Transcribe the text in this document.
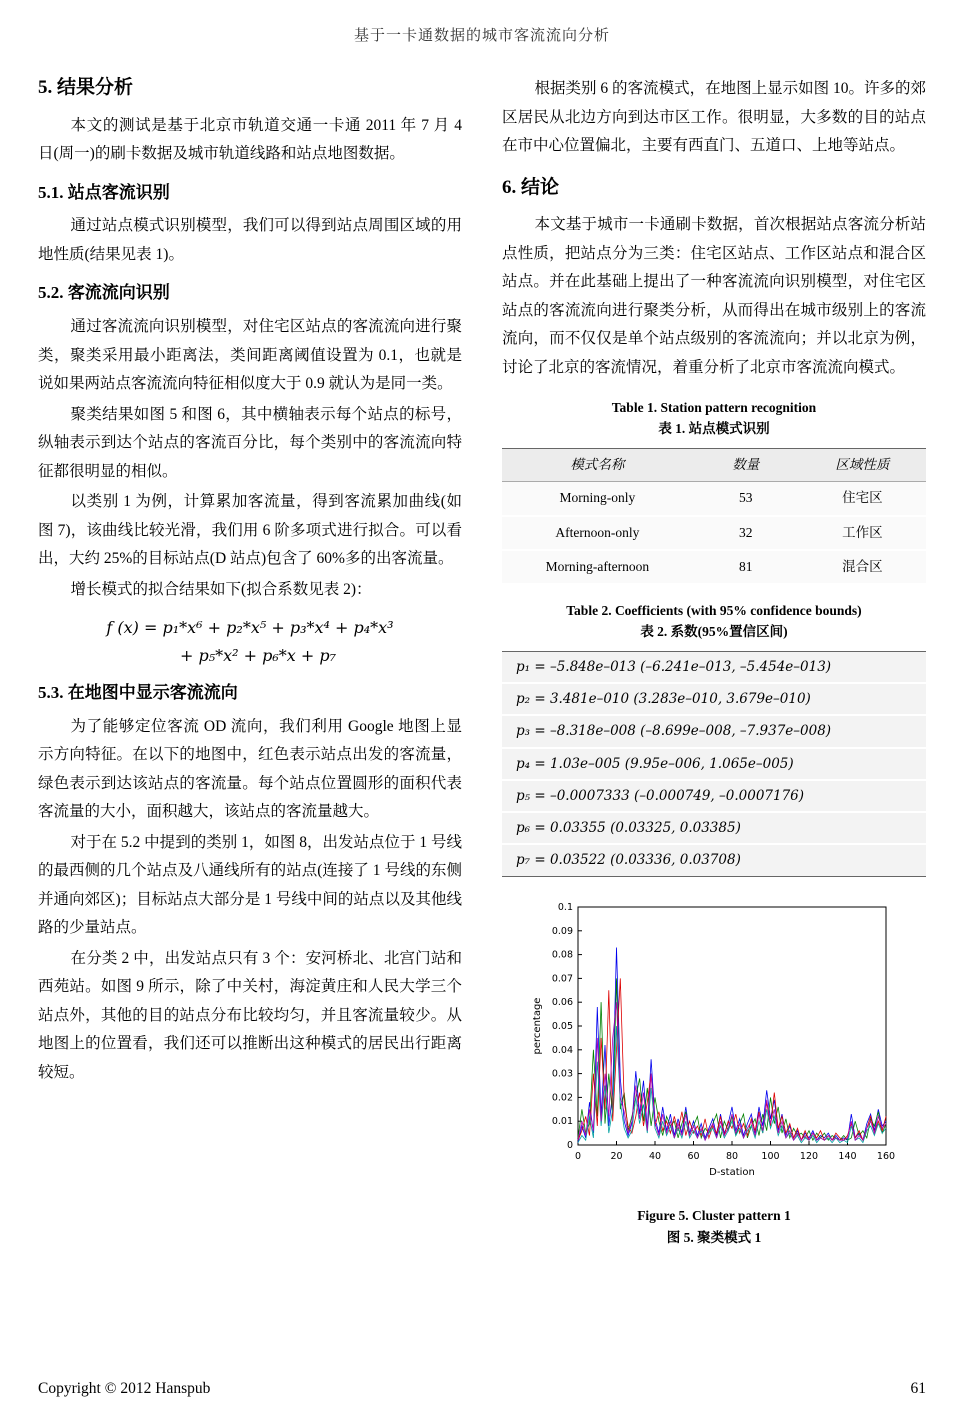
基于一卡通数据的城市客流流向分析
5. 结果分析

本文的测试是基于北京市轨道交通一卡通 2011 年 7 月 4 日(周一)的刷卡数据及城市轨道线路和站点地图数据。

5.1. 站点客流识别

通过站点模式识别模型，我们可以得到站点周围区域的用地性质(结果见表 1)。

5.2. 客流流向识别

通过客流流向识别模型，对住宅区站点的客流流向进行聚类，聚类采用最小距离法，类间距离阈值设置为 0.1，也就是说如果两站点客流流向特征相似度大于 0.9 就认为是同一类。

聚类结果如图 5 和图 6，其中横轴表示每个站点的标号，纵轴表示到达个站点的客流百分比，每个类别中的客流流向特征都很明显的相似。

以类别 1 为例，计算累加客流量，得到客流累加曲线(如图 7)，该曲线比较光滑，我们用 6 阶多项式进行拟合。可以看出，大约 25%的目标站点(D 站点)包含了 60%多的出客流量。

增长模式的拟合结果如下(拟合系数见表 2)：

f (x) = p₁*x⁶ + p₂*x⁵ + p₃*x⁴ + p₄*x³
+ p₅*x² + p₆*x + p₇
5.3. 在地图中显示客流流向

为了能够定位客流 OD 流向，我们利用 Google 地图上显示方向特征。在以下的地图中，红色表示站点出发的客流量，绿色表示到达该站点的客流量。每个站点位置圆形的面积代表客流量的大小，面积越大，该站点的客流量越大。

对于在 5.2 中提到的类别 1，如图 8，出发站点位于 1 号线的最西侧的几个站点及八通线所有的站点(连接了 1 号线的东侧并通向郊区)；目标站点大部分是 1 号线中间的站点以及其他线路的少量站点。

在分类 2 中，出发站点只有 3 个：安河桥北、北宫门站和西苑站。如图 9 所示，除了中关村，海淀黄庄和人民大学三个站点外，其他的目的站点分布比较均匀，并且客流量较少。从地图上的位置看，我们还可以推断出这种模式的居民出行距离较短。

根据类别 6 的客流模式，在地图上显示如图 10。许多的郊区居民从北边方向到达市区工作。很明显，大多数的目的站点在市中心位置偏北，主要有西直门、五道口、上地等站点。

6. 结论

本文基于城市一卡通刷卡数据，首次根据站点客流分析站点性质，把站点分为三类：住宅区站点、工作区站点和混合区站点。并在此基础上提出了一种客流流向识别模型，对住宅区站点的客流流向进行聚类分析，从而得出在城市级别上的客流流向，而不仅仅是单个站点级别的客流流向；并以北京为例，讨论了北京的客流情况，着重分析了北京市客流流向模式。

Table 1. Station pattern recognition
表 1. 站点模式识别
模式名称	数量	区域性质
Morning-only	53	住宅区
Afternoon-only	32	工作区
Morning-afternoon	81	混合区
Table 2. Coefficients (with 95% confidence bounds)
表 2. 系数(95%置信区间)
p₁ = –5.848e–013 (–6.241e–013, –5.454e–013)
p₂ = 3.481e–010 (3.283e–010, 3.679e–010)
p₃ = –8.318e–008 (–8.699e–008, –7.937e–008)
p₄ = 1.03e–005 (9.95e–006, 1.065e–005)
p₅ = –0.0007333 (–0.000749, –0.0007176)
p₆ = 0.03355 (0.03325, 0.03385)
p₇ = 0.03522 (0.03336, 0.03708)
0
0.01
0.02
0.03
0.04
0.05
0.06
0.07
0.08
0.09
0.1
0	20	40	60	80 100 120 140 160
percentage
D-station
Figure 5. Cluster pattern 1
图 5. 聚类模式 1
Copyright © 2012 Hanspub	61
